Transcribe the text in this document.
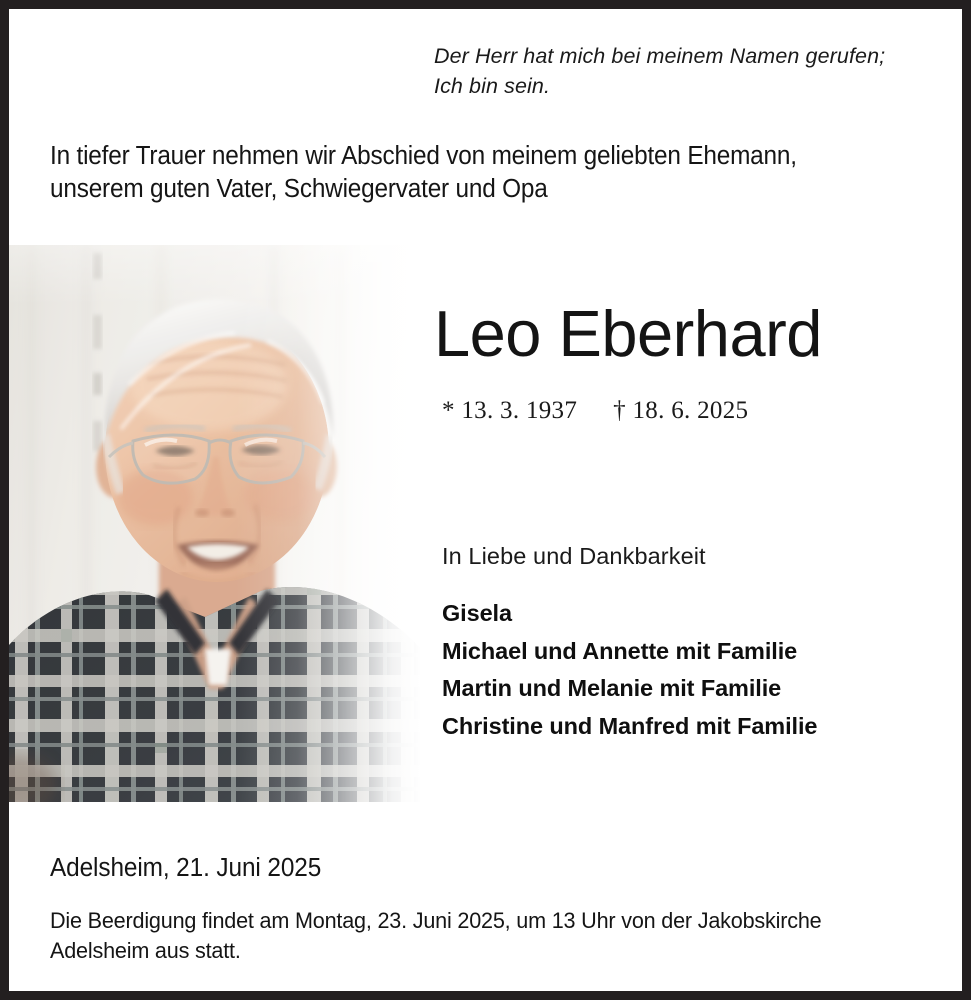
Der Herr hat mich bei meinem Namen gerufen;
Ich bin sein.
In tiefer Trauer nehmen wir Abschied von meinem geliebten Ehemann,
unserem guten Vater, Schwiegervater und Opa
Leo Eberhard
* 13. 3. 1937 † 18. 6. 2025
In Liebe und Dankbarkeit
Gisela
Michael und Annette mit Familie
Martin und Melanie mit Familie
Christine und Manfred mit Familie
Adelsheim, 21. Juni 2025
Die Beerdigung findet am Montag, 23. Juni 2025, um 13 Uhr von der Jakobskirche
Adelsheim aus statt.
